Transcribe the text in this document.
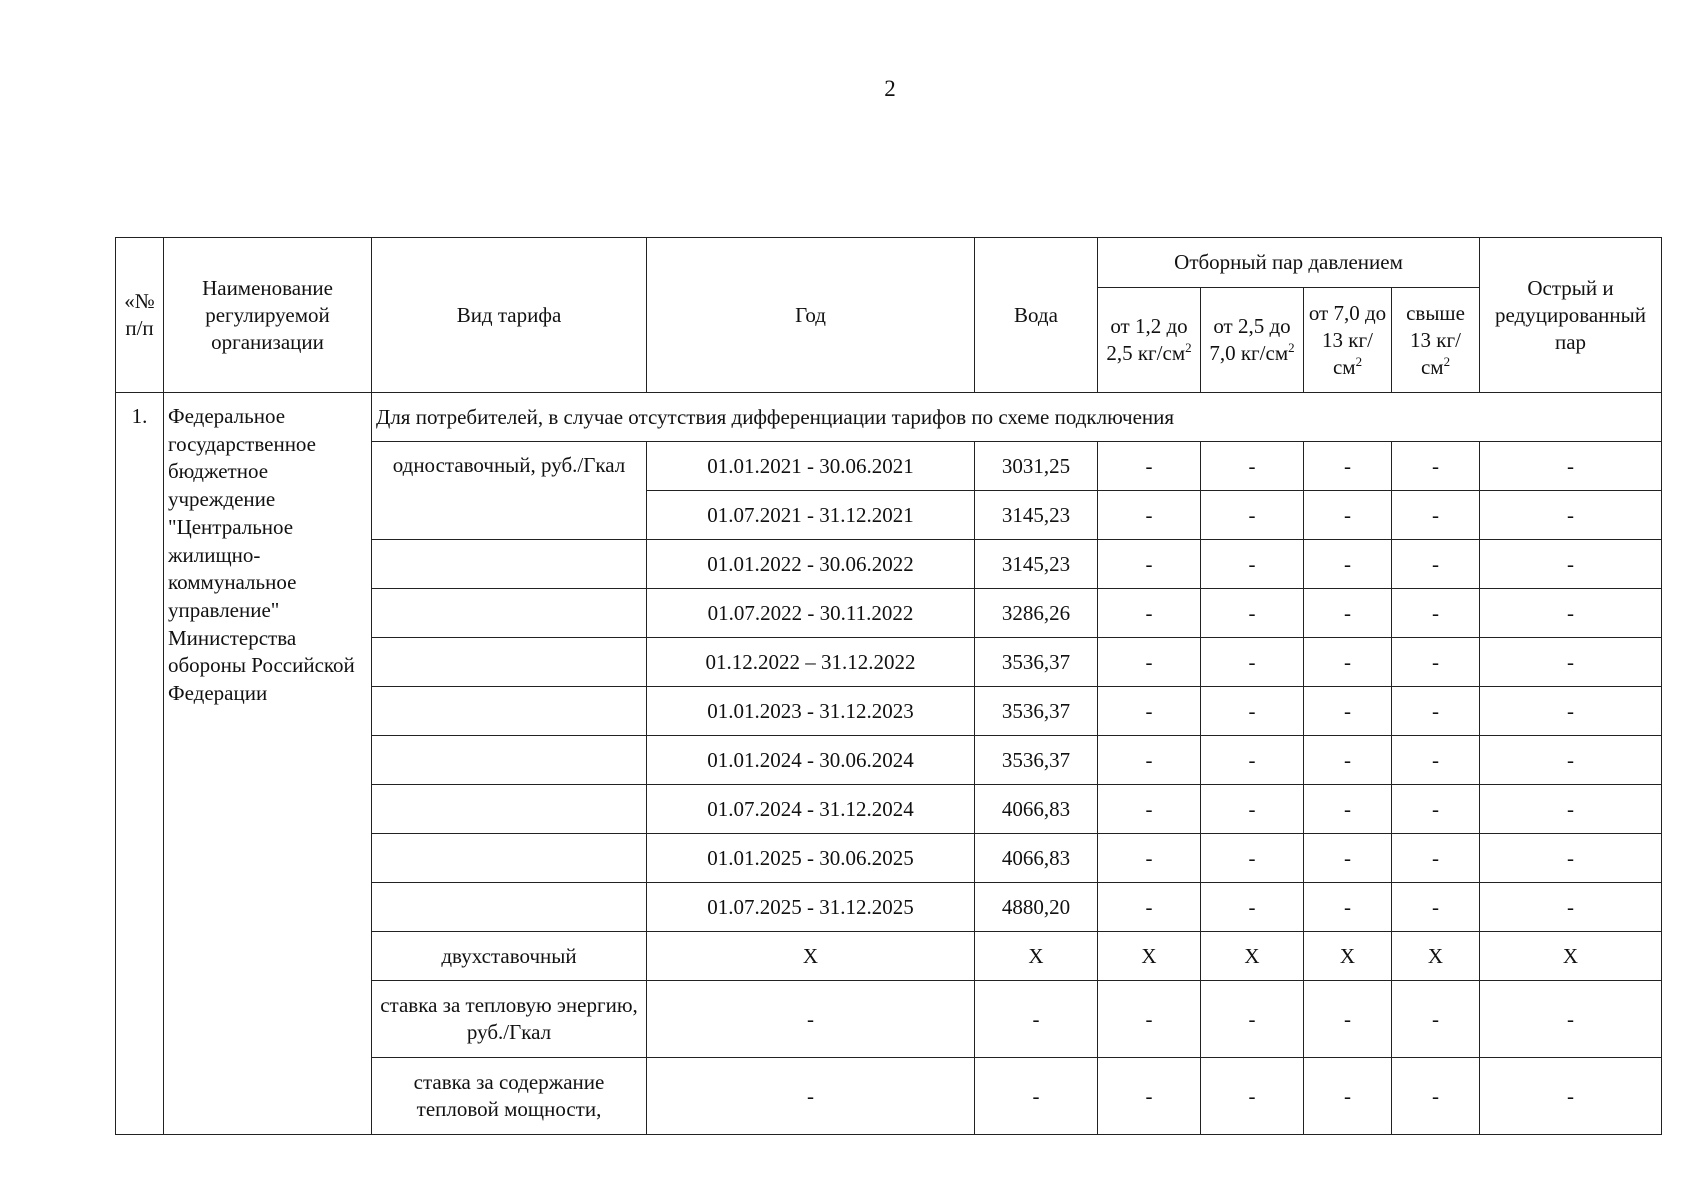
2
«№ п/п	Наименование регулируемой организации	Вид тарифа	Год	Вода	Отборный пар давлением				Острый и редуцированный пар
					от 1,2 до 2,5 $кг/см^2$	от 2,5 до 7,0 $кг/см^2$	от 7,0 до 13 $кг/см^2$	свыше 13 $кг/см^2$
1.	Федеральное государственное бюджетное учреждение "Центральное жилищно-коммунальное управление" Министерства обороны Российской Федерации	Для потребителей, в случае отсутствия дифференциации тарифов по схеме подключения							
		одноставочный, руб./Гкал	01.01.2021 - 30.06.2021	3031,25	-	-	-	-	-
			01.07.2021 - 31.12.2021	3145,23	-	-	-	-	-
			01.01.2022 - 30.06.2022	3145,23	-	-	-	-	-
			01.07.2022 - 30.11.2022	3286,26	-	-	-	-	-
			01.12.2022 – 31.12.2022	3536,37	-	-	-	-	-
			01.01.2023 - 31.12.2023	3536,37	-	-	-	-	-
			01.01.2024 - 30.06.2024	3536,37	-	-	-	-	-
			01.07.2024 - 31.12.2024	4066,83	-	-	-	-	-
			01.01.2025 - 30.06.2025	4066,83	-	-	-	-	-
			01.07.2025 - 31.12.2025	4880,20	-	-	-	-	-
		двухставочный	X	X	X	X	X	X	X
		ставка за тепловую энергию, руб./Гкал	-	-	-	-	-	-	-
		ставка за содержание тепловой мощности,	-	-	-	-	-	-	-
